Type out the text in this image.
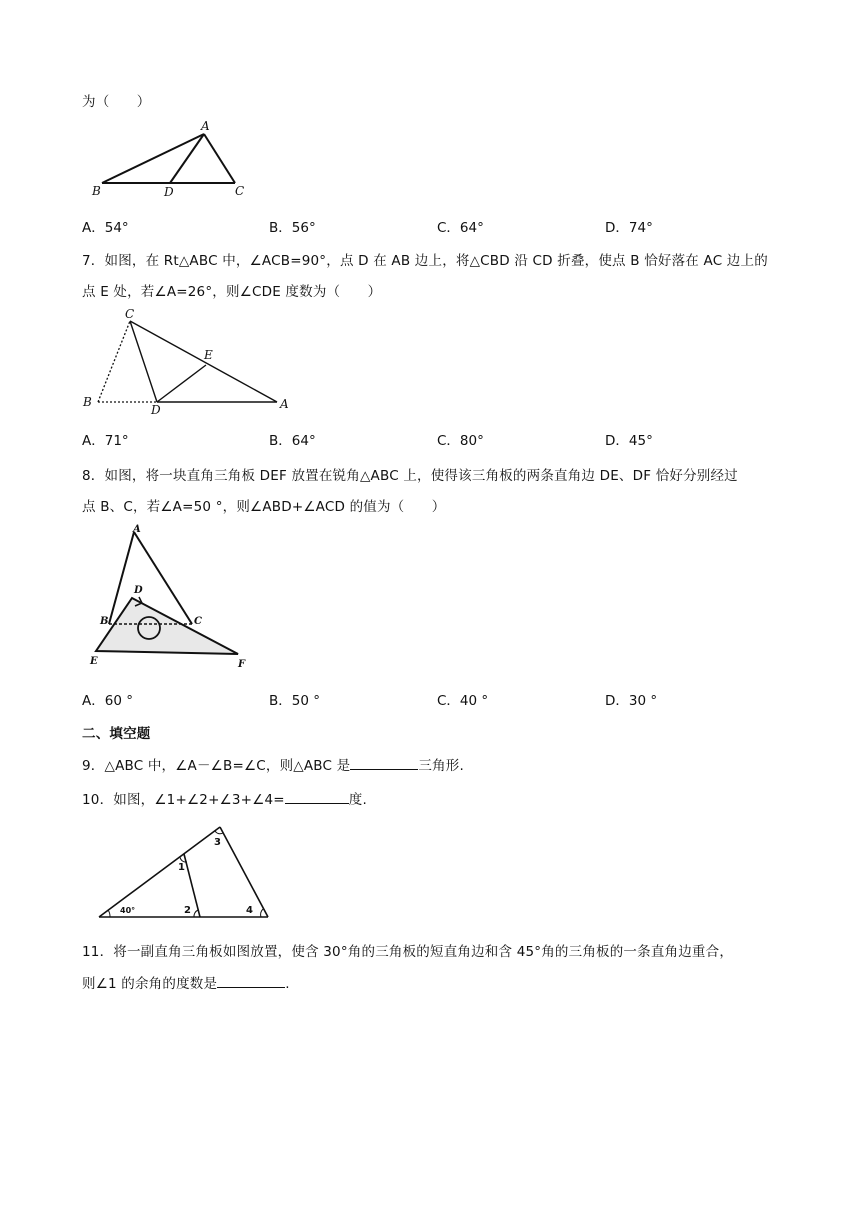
为（　　）
A
B	D	C
A．54°	B．56°	C．64°	D．74°
7．如图，在 Rt△ABC 中，∠ACB=90°，点 D 在 AB 边上，将△CBD 沿 CD 折叠，使点 B 恰好落在 AC 边上的
点 E 处，若∠A=26°，则∠CDE 度数为（　　）
C
E
B
D	A
A．71°	B．64°	C．80°	D．45°
8．如图，将一块直角三角板 DEF 放置在锐角△ABC 上，使得该三角板的两条直角边 DE、DF 恰好分别经过
点 B、C，若∠A=50 °，则∠ABD+∠ACD 的值为（　　）
A
D
B	C
E	F
A．60 °	B．50 °	C．40 °	D．30 °
二、填空题
9．△ABC 中，∠A－∠B=∠C，则△ABC 是	三角形.
10．如图，∠1+∠2+∠3+∠4=	度.
3
1
40°	2	4
11．将一副直角三角板如图放置，使含 30°角的三角板的短直角边和含 45°角的三角板的一条直角边重合，
则∠1 的余角的度数是	.
